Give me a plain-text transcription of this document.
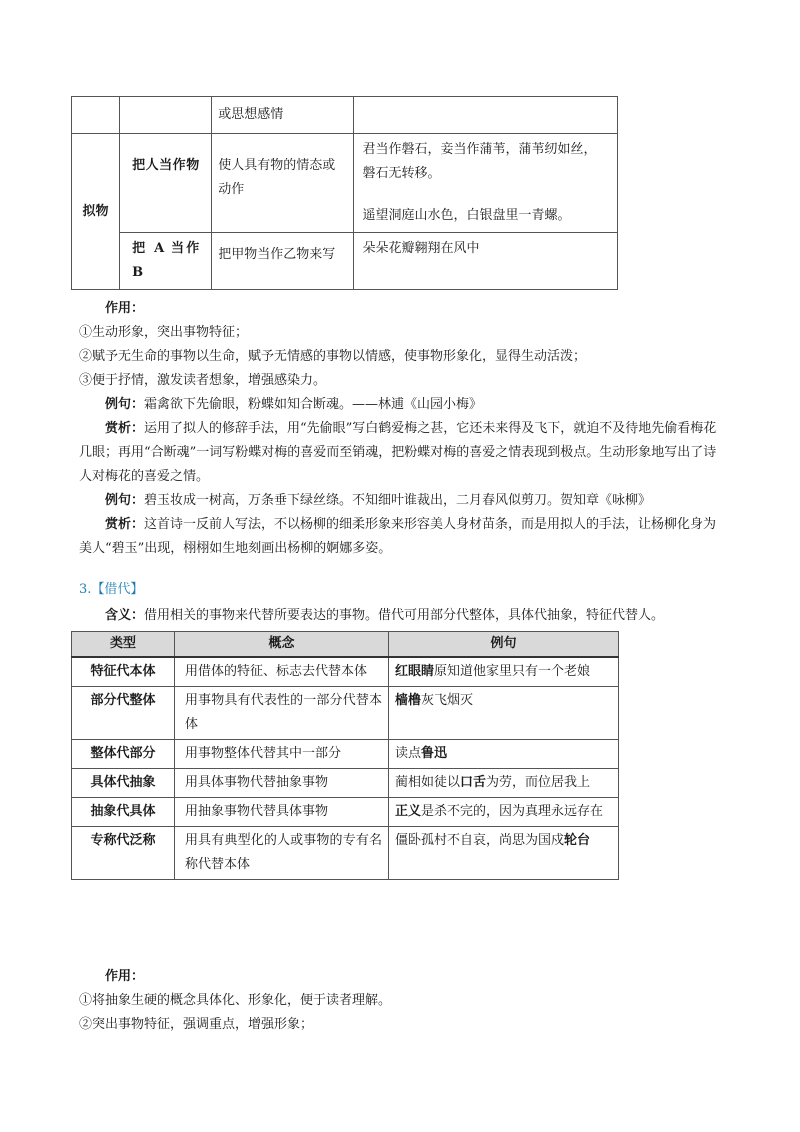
		或思想感情	
拟物	把人当作物	使人具有物的情态或动作	君当作磐石，妾当作蒲苇，蒲苇纫如丝，磐石无转移。
遥望洞庭山水色，白银盘里一青螺。

	把 A 当作 B	把甲物当作乙物来写	朵朵花瓣翱翔在风中
作用：
①生动形象，突出事物特征；
②赋予无生命的事物以生命，赋予无情感的事物以情感，使事物形象化，显得生动活泼；
③便于抒情，激发读者想象，增强感染力。
例句：霜禽欲下先偷眼，粉蝶如知合断魂。——林逋《山园小梅》
赏析：运用了拟人的修辞手法，用“先偷眼”写白鹤爱梅之甚，它还未来得及飞下，就迫不及待地先偷看梅花几眼；再用“合断魂”一词写粉蝶对梅的喜爱而至销魂，把粉蝶对梅的喜爱之情表现到极点。生动形象地写出了诗人对梅花的喜爱之情。
例句：碧玉妆成一树高，万条垂下绿丝绦。不知细叶谁裁出，二月春风似剪刀。贺知章《咏柳》
赏析：这首诗一反前人写法，不以杨柳的细柔形象来形容美人身材苗条，而是用拟人的手法，让杨柳化身为美人“碧玉”出现，栩栩如生地刻画出杨柳的婀娜多姿。
3.【借代】
含义：借用相关的事物来代替所要表达的事物。借代可用部分代整体，具体代抽象，特征代替人。
类型	概念	例句
特征代本体	用借体的特征、标志去代替本体	红眼睛原知道他家里只有一个老娘
部分代整体	用事物具有代表性的一部分代替本体	樯橹灰飞烟灭
整体代部分	用事物整体代替其中一部分	读点鲁迅
具体代抽象	用具体事物代替抽象事物	蔺相如徒以口舌为劳，而位居我上
抽象代具体	用抽象事物代替具体事物	正义是杀不完的，因为真理永远存在
专称代泛称	用具有典型化的人或事物的专有名称代替本体	僵卧孤村不自哀，尚思为国戍轮台
作用：
①将抽象生硬的概念具体化、形象化，便于读者理解。
②突出事物特征，强调重点，增强形象；
